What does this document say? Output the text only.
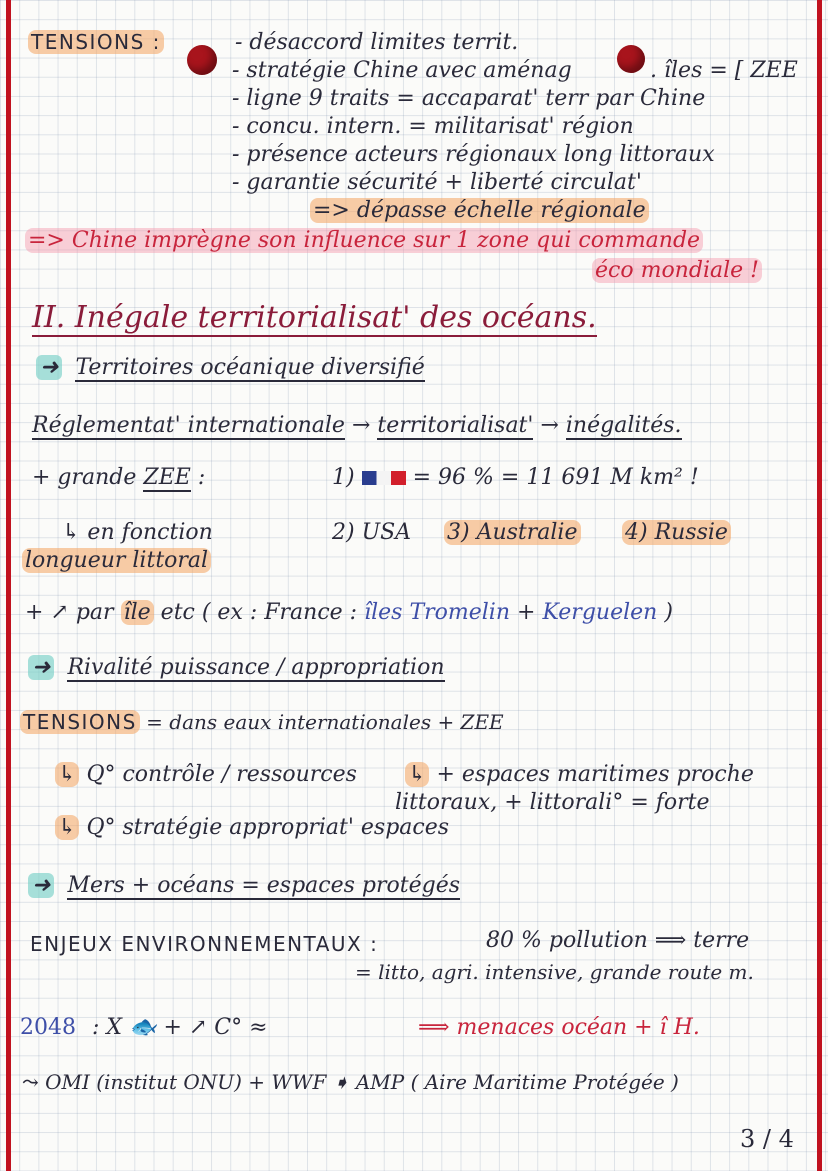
TENSIONS :	- désaccord limites territ.
- stratégie Chine avec aménag	. îles = [ ZEE
- ligne 9 traits = accaparat' terr par Chine
- concu. intern. = militarisat' région
- présence acteurs régionaux long littoraux
- garantie sécurité + liberté circulat'
=> dépasse échelle régionale
=> Chine imprègne son influence sur 1 zone qui commande
éco mondiale !
II. Inégale territorialisat' des océans.
➜ Territoires océanique diversifié
Réglementat' internationale → territorialisat' → inégalités.
+ grande ZEE :	1)	= 96 % = 11 691 M km² !
↳ en fonction
longueur littoral
2) USA 3) Australie 4) Russie
+ ↗ par île etc ( ex : France : îles Tromelin + Kerguelen )
➜ Rivalité puissance / appropriation
TENSIONS = dans eaux internationales + ZEE
↳ Q° contrôle / ressources ↳ + espaces maritimes proche
littoraux, + littorali° = forte
↳ Q° stratégie appropriat' espaces
➜ Mers + océans = espaces protégés
ENJEUX ENVIRONNEMENTAUX :	80 % pollution ⟹ terre
= litto, agri. intensive, grande route m.
2048 : X 🐟 + ↗ C° ≈	⟹ menaces océan + î H.
⤳ OMI (institut ONU) + WWF ➧ AMP ( Aire Maritime Protégée )
3 / 4
